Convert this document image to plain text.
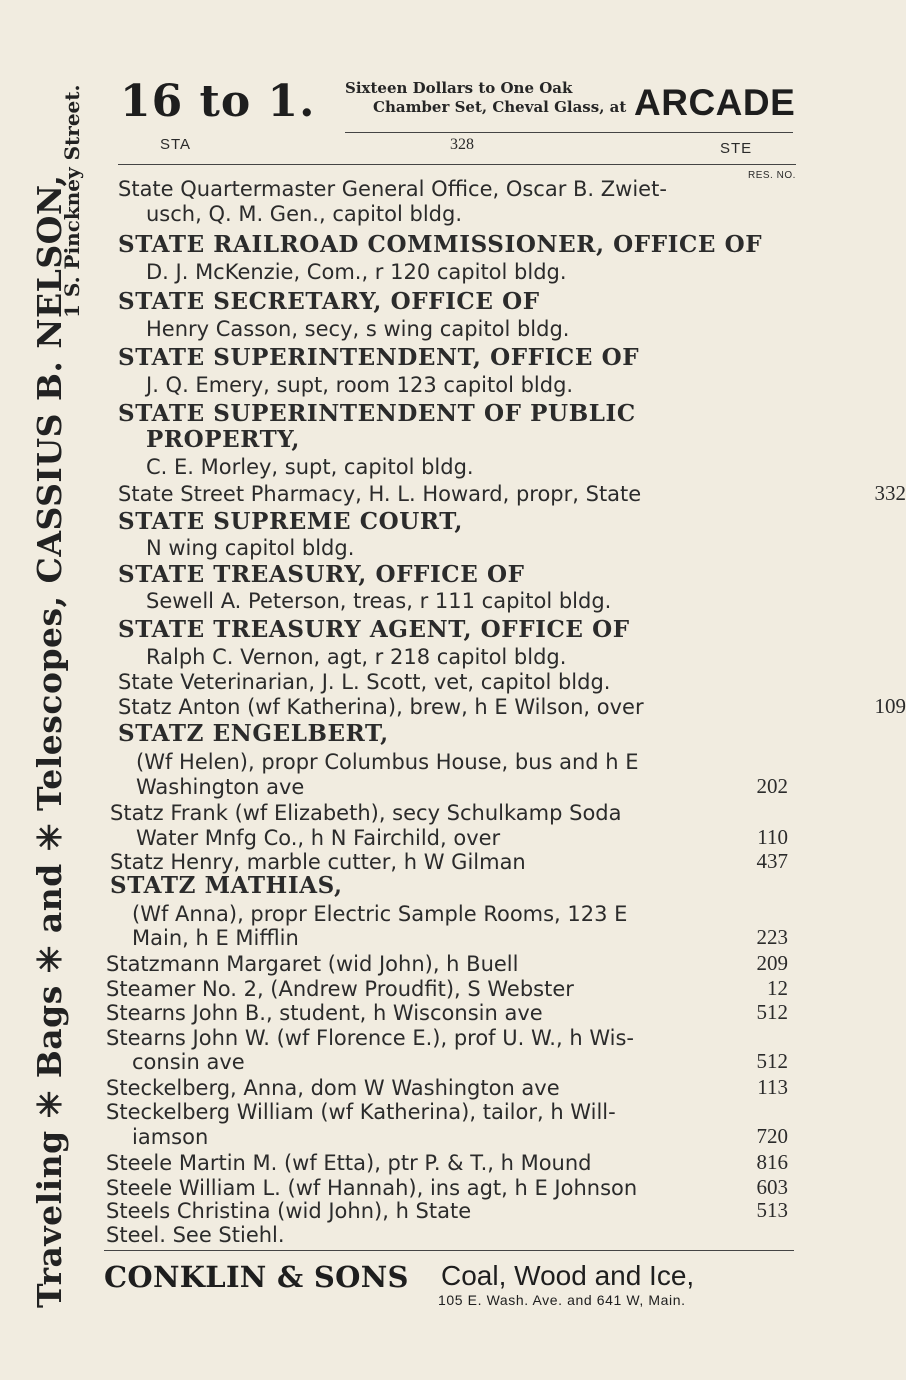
Traveling ✳ Bags ✳ and ✳ Telescopes, CASSIUS B. NELSON,
1 S. Pinckney Street. 16 to 1. Sixteen Dollars to One Oak
Chamber Set, Cheval Glass, at ARCADE
STA	328	STE
RES. NO.
State Quartermaster General Office, Oscar B. Zwiet-
usch, Q. M. Gen., capitol bldg.
STATE RAILROAD COMMISSIONER, OFFICE OF
D. J. McKenzie, Com., r 120 capitol bldg.
STATE SECRETARY, OFFICE OF
Henry Casson, secy, s wing capitol bldg.
STATE SUPERINTENDENT, OFFICE OF
J. Q. Emery, supt, room 123 capitol bldg.
STATE SUPERINTENDENT OF PUBLIC
PROPERTY,
C. E. Morley, supt, capitol bldg.
State Street Pharmacy, H. L. Howard, propr, State	332
STATE SUPREME COURT,
N wing capitol bldg.
STATE TREASURY, OFFICE OF
Sewell A. Peterson, treas, r 111 capitol bldg.
STATE TREASURY AGENT, OFFICE OF
Ralph C. Vernon, agt, r 218 capitol bldg.
State Veterinarian, J. L. Scott, vet, capitol bldg.
Statz Anton (wf Katherina), brew, h E Wilson, over	109
STATZ ENGELBERT,
(Wf Helen), propr Columbus House, bus and h E
Washington ave	202
Statz Frank (wf Elizabeth), secy Schulkamp Soda
Water Mnfg Co., h N Fairchild, over	110
Statz Henry, marble cutter, h W Gilman	437
STATZ MATHIAS,
(Wf Anna), propr Electric Sample Rooms, 123 E
Main, h E Mifflin	223
Statzmann Margaret (wid John), h Buell	209
Steamer No. 2, (Andrew Proudfit), S Webster	12
Stearns John B., student, h Wisconsin ave	512
Stearns John W. (wf Florence E.), prof U. W., h Wis-
consin ave	512
Steckelberg, Anna, dom W Washington ave	113
Steckelberg William (wf Katherina), tailor, h Will-
iamson	720
Steele Martin M. (wf Etta), ptr P. & T., h Mound	816
Steele William L. (wf Hannah), ins agt, h E Johnson	603
Steels Christina (wid John), h State	513
Steel. See Stiehl.
CONKLIN & SONS Coal, Wood and Ice,
105 E. Wash. Ave. and 641 W, Main.
